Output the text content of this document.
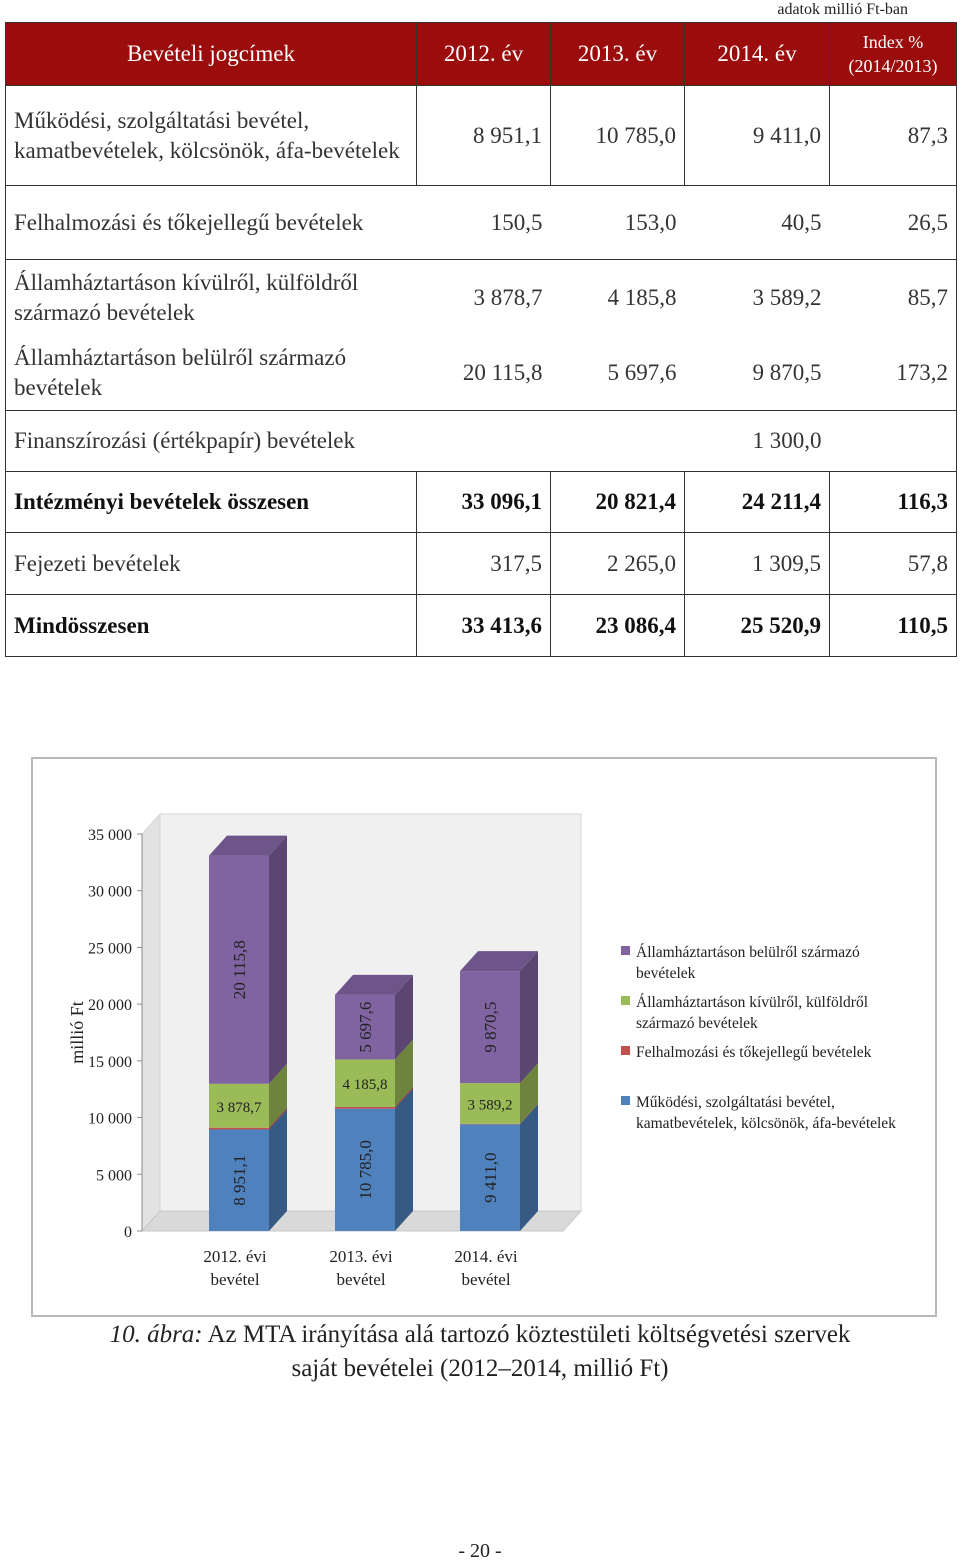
adatok millió Ft-ban
Bevételi jogcímek	2012. év	2013. év	2014. év	Index %
(2014/2013)
Működési, szolgáltatási bevétel, kamatbevételek, kölcsönök, áfa-bevételek	8 951,1	10 785,0	9 411,0	87,3
Felhalmozási és tőkejellegű bevételek	150,5	153,0	40,5	26,5
Államháztartáson kívülről, külföldről származó bevételek	3 878,7	4 185,8	3 589,2	85,7
Államháztartáson belülről származó bevételek	20 115,8	5 697,6	9 870,5	173,2
Finanszírozási (értékpapír) bevételek			1 300,0	
Intézményi bevételek összesen	33 096,1	20 821,4	24 211,4	116,3
Fejezeti bevételek	317,5	2 265,0	1 309,5	57,8
Mindösszesen	33 413,6	23 086,4	25 520,9	110,5
0
5 000
10 000
15 000
20 000
25 000
30 000
35 000
millió Ft
8 951,1
3 878,7
20 115,8
2012. évi
bevétel
10 785,0
4 185,8
5 697,6
2013. évi
bevétel
9 411,0
3 589,2
9 870,5
2014. évi
bevétel
Államháztartáson belülről származó
bevételek
Államháztartáson kívülről, külföldről
származó bevételek
Felhalmozási és tőkejellegű bevételek
Működési, szolgáltatási bevétel,
kamatbevételek, kölcsönök, áfa-bevételek
10. ábra: Az MTA irányítása alá tartozó köztestületi költségvetési szervek
saját bevételei (2012–2014, millió Ft)
- 20 -
